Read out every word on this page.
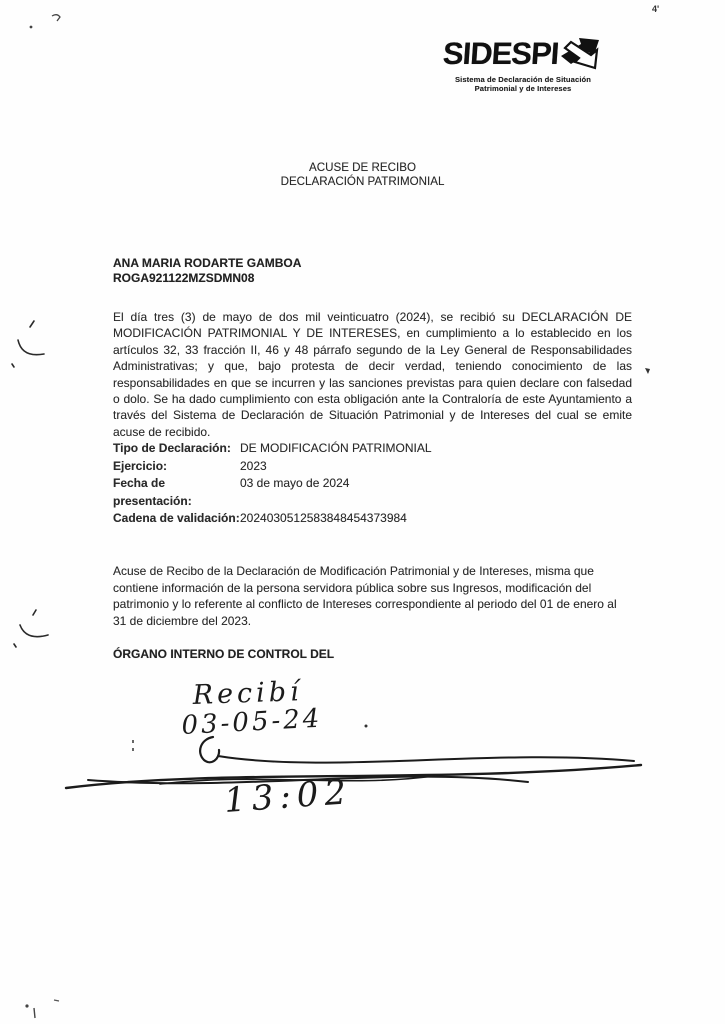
SIDESPI
Sistema de Declaración de Situación
Patrimonial y de Intereses
ACUSE DE RECIBO
DECLARACIÓN PATRIMONIAL
ANA MARIA RODARTE GAMBOA
ROGA921122MZSDMN08

El día tres (3) de mayo de dos mil veinticuatro (2024), se recibió su DECLARACIÓN DE MODIFICACIÓN PATRIMONIAL Y DE INTERESES, en cumplimiento a lo establecido en los artículos 32, 33 fracción II, 46 y 48 párrafo segundo de la Ley General de Responsabilidades Administrativas; y que, bajo protesta de decir verdad, teniendo conocimiento de las responsabilidades en que se incurren y las sanciones previstas para quien declare con falsedad o dolo. Se ha dado cumplimiento con esta obligación ante la Contraloría de este Ayuntamiento a través del Sistema de Declaración de Situación Patrimonial y de Intereses del cual se emite acuse de recibido.

Tipo de Declaración: DE MODIFICACIÓN PATRIMONIAL
Ejercicio:	2023
Fecha de presentación:
03 de mayo de 2024
Cadena de validación: 2024030512583848454373984

Acuse de Recibo de la Declaración de Modificación Patrimonial y de Intereses, misma que contiene información de la persona servidora pública sobre sus Ingresos, modificación del patrimonio y lo referente al conflicto de Intereses correspondiente al periodo del 01 de enero al 31 de diciembre del 2023.

ÓRGANO INTERNO DE CONTROL DEL
Recibí
03-05-24
13:02
4'
